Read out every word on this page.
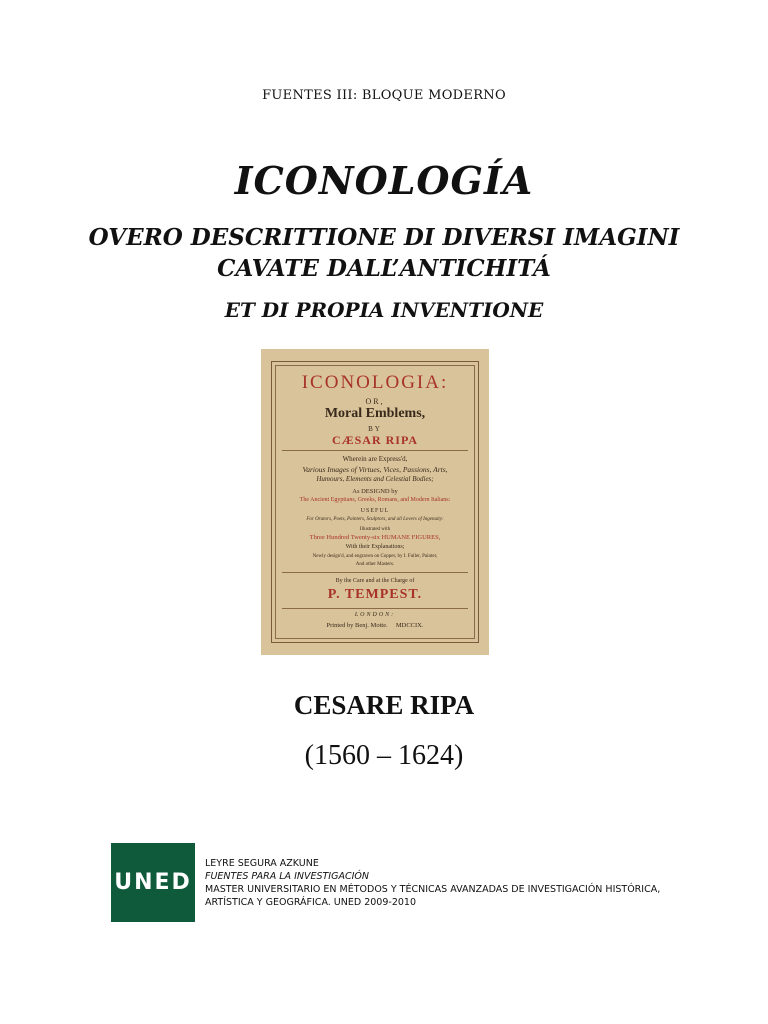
FUENTES III: BLOQUE MODERNO
ICONOLOGÍA
OVERO DESCRITTIONE DI DIVERSI IMAGINI
CAVATE DALL’ANTICHITÁ
ET DI PROPIA INVENTIONE
ICONOLOGIA:
OR,
Moral Emblems,
BY
CÆSAR RIPA
Wherein are Express'd,
Various Images of Virtues, Vices, Passions, Arts,
Humours, Elements and Celestial Bodies;
As DESIGND by
The Ancient Egyptians, Greeks, Romans, and Modern Italians:
USEFUL
For Orators, Poets, Painters, Sculptors, and all Lovers of Ingenuity:
Illustrated with
Three Hundred Twenty-six HUMANE FIGURES,
With their Explanations;
Newly design'd, and engraven on Copper, by I. Fuller, Painter,
And other Masters.
By the Care and at the Charge of
P. TEMPEST.
LONDON:
Printed by Benj. Motte. MDCCIX.
CESARE RIPA
(1560 – 1624)
UNED
LEYRE SEGURA AZKUNE
FUENTES PARA LA INVESTIGACIÓN
MASTER UNIVERSITARIO EN MÉTODOS Y TÉCNICAS AVANZADAS DE INVESTIGACIÓN HISTÓRICA,
ARTÍSTICA Y GEOGRÁFICA. UNED 2009-2010
